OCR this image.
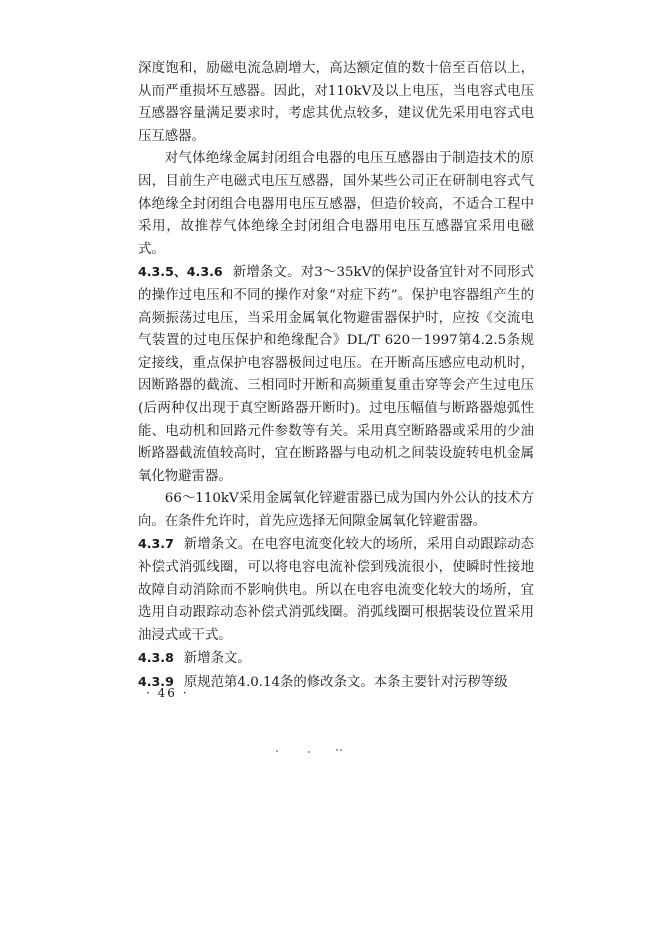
深度饱和，励磁电流急剧增大，高达额定值的数十倍至百倍以上，从而严重损坏互感器。因此，对110kV及以上电压，当电容式电压互感器容量满足要求时，考虑其优点较多，建议优先采用电容式电压互感器。

对气体绝缘金属封闭组合电器的电压互感器由于制造技术的原因，目前生产电磁式电压互感器，国外某些公司正在研制电容式气体绝缘全封闭组合电器用电压互感器，但造价较高，不适合工程中采用，故推荐气体绝缘全封闭组合电器用电压互感器宜采用电磁式。

4.3.5、4.3.6 新增条文。对3～35kV的保护设备宜针对不同形式的操作过电压和不同的操作对象“对症下药”。保护电容器组产生的高频振荡过电压，当采用金属氧化物避雷器保护时，应按《交流电气装置的过电压保护和绝缘配合》DL/T 620－1997第4.2.5条规定接线，重点保护电容器极间过电压。在开断高压感应电动机时，因断路器的截流、三相同时开断和高频重复重击穿等会产生过电压(后两种仅出现于真空断路器开断时)。过电压幅值与断路器熄弧性能、电动机和回路元件参数等有关。采用真空断路器或采用的少油断路器截流值较高时，宜在断路器与电动机之间装设旋转电机金属氧化物避雷器。

66～110kV采用金属氧化锌避雷器已成为国内外公认的技术方向。在条件允许时，首先应选择无间隙金属氧化锌避雷器。

4.3.7 新增条文。在电容电流变化较大的场所，采用自动跟踪动态补偿式消弧线圈，可以将电容电流补偿到残流很小，使瞬时性接地故障自动消除而不影响供电。所以在电容电流变化较大的场所，宜选用自动跟踪动态补偿式消弧线圈。消弧线圈可根据装设位置采用油浸式或干式。

4.3.8 新增条文。

4.3.9 原规范第4.0.14条的修改条文。本条主要针对污秽等级

· 46 ·
